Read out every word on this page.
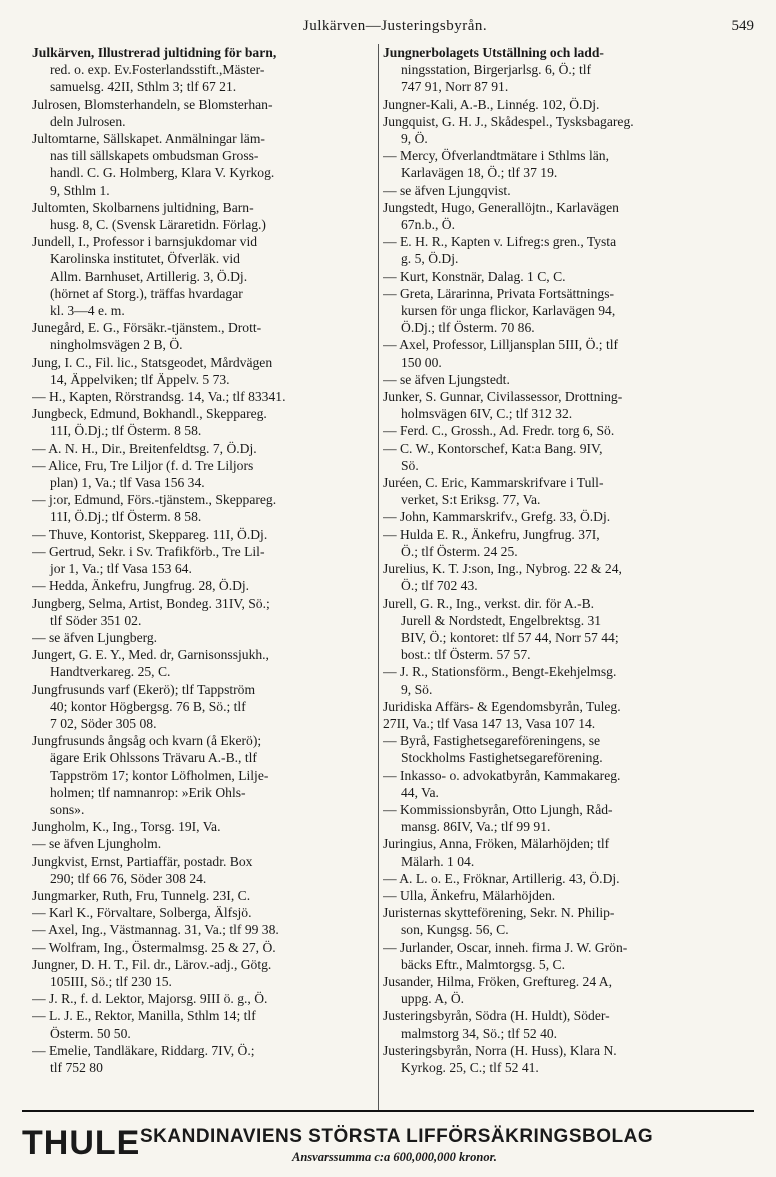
Julkärven—Justeringsbyrån.	549
Julkärven, Illustrerad jultidning för barn,
red. o. exp. Ev.Fosterlandsstift.,Mäster-
samuelsg. 42II, Sthlm 3; tlf 67 21.
Julrosen, Blomsterhandeln, se Blomsterhan-
deln Julrosen.
Jultomtarne, Sällskapet. Anmälningar läm-
nas till sällskapets ombudsman Gross-
handl. C. G. Holmberg, Klara V. Kyrkog.
9, Sthlm 1.
Jultomten, Skolbarnens jultidning, Barn-
husg. 8, C. (Svensk Läraretidn. Förlag.)
Jundell, I., Professor i barnsjukdomar vid
Karolinska institutet, Öfverläk. vid
Allm. Barnhuset, Artillerig. 3, Ö.Dj.
(hörnet af Storg.), träffas hvardagar
kl. 3—4 e. m.
Junegård, E. G., Försäkr.-tjänstem., Drott-
ningholmsvägen 2 B, Ö.
Jung, I. C., Fil. lic., Statsgeodet, Mårdvägen
14, Äppelviken; tlf Äppelv. 5 73.
— H., Kapten, Rörstrandsg. 14, Va.; tlf 83341.
Jungbeck, Edmund, Bokhandl., Skeppareg.
11I, Ö.Dj.; tlf Österm. 8 58.
— A. N. H., Dir., Breitenfeldtsg. 7, Ö.Dj.
— Alice, Fru, Tre Liljor (f. d. Tre Liljors
plan) 1, Va.; tlf Vasa 156 34.
— j:or, Edmund, Förs.-tjänstem., Skeppareg.
11I, Ö.Dj.; tlf Österm. 8 58.
— Thuve, Kontorist, Skeppareg. 11I, Ö.Dj.
— Gertrud, Sekr. i Sv. Trafikförb., Tre Lil-
jor 1, Va.; tlf Vasa 153 64.
— Hedda, Änkefru, Jungfrug. 28, Ö.Dj.
Jungberg, Selma, Artist, Bondeg. 31IV, Sö.;
tlf Söder 351 02.
— se äfven Ljungberg.
Jungert, G. E. Y., Med. dr, Garnisonssjukh.,
Handtverkareg. 25, C.
Jungfrusunds varf (Ekerö); tlf Tappström
40; kontor Högbergsg. 76 B, Sö.; tlf
7 02, Söder 305 08.
Jungfrusunds ångsåg och kvarn (å Ekerö);
ägare Erik Ohlssons Trävaru A.-B., tlf
Tappström 17; kontor Löfholmen, Lilje-
holmen; tlf namnanrop: »Erik Ohls-
sons».
Jungholm, K., Ing., Torsg. 19I, Va.
— se äfven Ljungholm.
Jungkvist, Ernst, Partiaffär, postadr. Box
290; tlf 66 76, Söder 308 24.
Jungmarker, Ruth, Fru, Tunnelg. 23I, C.
— Karl K., Förvaltare, Solberga, Älfsjö.
— Axel, Ing., Västmannag. 31, Va.; tlf 99 38.
— Wolfram, Ing., Östermalmsg. 25 & 27, Ö.
Jungner, D. H. T., Fil. dr., Lärov.-adj., Götg.
105III, Sö.; tlf 230 15.
— J. R., f. d. Lektor, Majorsg. 9III ö. g., Ö.
— L. J. E., Rektor, Manilla, Sthlm 14; tlf
Österm. 50 50.
— Emelie, Tandläkare, Riddarg. 7IV, Ö.;
tlf 752 80
Jungnerbolagets Utställning och ladd-
ningsstation, Birgerjarlsg. 6, Ö.; tlf
747 91, Norr 87 91.
Jungner-Kali, A.-B., Linnég. 102, Ö.Dj.
Jungquist, G. H. J., Skådespel., Tysksbagareg.
9, Ö.
— Mercy, Öfverlandtmätare i Sthlms län,
Karlavägen 18, Ö.; tlf 37 19.
— se äfven Ljungqvist.
Jungstedt, Hugo, Generallöjtn., Karlavägen
67n.b., Ö.
— E. H. R., Kapten v. Lifreg:s gren., Tysta
g. 5, Ö.Dj.
— Kurt, Konstnär, Dalag. 1 C, C.
— Greta, Lärarinna, Privata Fortsättnings-
kursen för unga flickor, Karlavägen 94,
Ö.Dj.; tlf Österm. 70 86.
— Axel, Professor, Lilljansplan 5III, Ö.; tlf
150 00.
— se äfven Ljungstedt.
Junker, S. Gunnar, Civilassessor, Drottning-
holmsvägen 6IV, C.; tlf 312 32.
— Ferd. C., Grossh., Ad. Fredr. torg 6, Sö.
— C. W., Kontorschef, Kat:a Bang. 9IV,
Sö.
Juréen, C. Eric, Kammarskrifvare i Tull-
verket, S:t Eriksg. 77, Va.
— John, Kammarskrifv., Grefg. 33, Ö.Dj.
— Hulda E. R., Änkefru, Jungfrug. 37I,
Ö.; tlf Österm. 24 25.
Jurelius, K. T. J:son, Ing., Nybrog. 22 & 24,
Ö.; tlf 702 43.
Jurell, G. R., Ing., verkst. dir. för A.-B.
Jurell & Nordstedt, Engelbrektsg. 31
BIV, Ö.; kontoret: tlf 57 44, Norr 57 44;
bost.: tlf Österm. 57 57.
— J. R., Stationsförm., Bengt-Ekehjelmsg.
9, Sö.
Juridiska Affärs- & Egendomsbyrån, Tuleg.
27II, Va.; tlf Vasa 147 13, Vasa 107 14.
— Byrå, Fastighetsegareföreningens, se
Stockholms Fastighetsegareförening.
— Inkasso- o. advokatbyrån, Kammakareg.
44, Va.
— Kommissionsbyrån, Otto Ljungh, Råd-
mansg. 86IV, Va.; tlf 99 91.
Juringius, Anna, Fröken, Mälarhöjden; tlf
Mälarh. 1 04.
— A. L. o. E., Fröknar, Artillerig. 43, Ö.Dj.
— Ulla, Änkefru, Mälarhöjden.
Juristernas skytteförening, Sekr. N. Philip-
son, Kungsg. 56, C.
— Jurlander, Oscar, inneh. firma J. W. Grön-
bäcks Eftr., Malmtorgsg. 5, C.
Jusander, Hilma, Fröken, Greftureg. 24 A,
uppg. A, Ö.
Justeringsbyrån, Södra (H. Huldt), Söder-
malmstorg 34, Sö.; tlf 52 40.
Justeringsbyrån, Norra (H. Huss), Klara N.
Kyrkog. 25, C.; tlf 52 41.
THULE SKANDINAVIENS STÖRSTA LIFFÖRSÄKRINGSBOLAG
Ansvarssumma c:a 600,000,000 kronor.
